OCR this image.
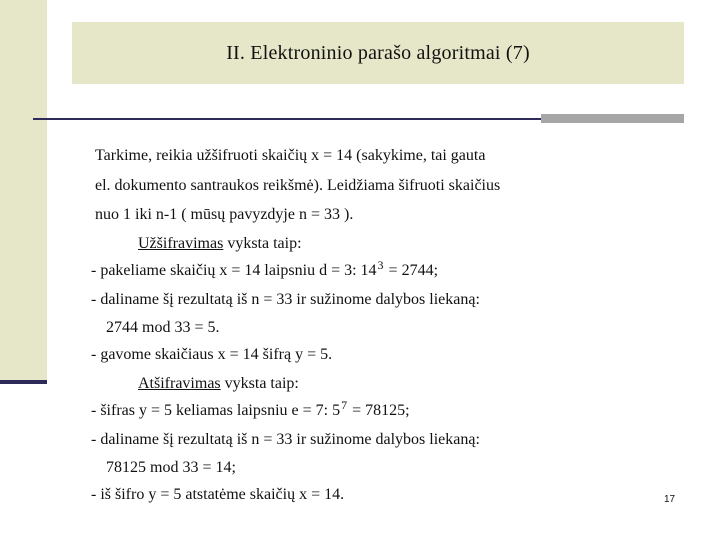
II. Elektroninio parašo algoritmai (7)
Tarkime, reikia užšifruoti skaičių x = 14 (sakykime, tai gauta
el. dokumento santraukos reikšmė). Leidžiama šifruoti skaičius
nuo 1 iki n-1 ( mūsų pavyzdyje n = 33 ).
Užšifravimas vyksta taip:
- pakeliame skaičių x = 14 laipsniu d = 3: $14^3 = 2744$;
- daliname šį rezultatą iš n = 33 ir sužinome dalybos liekaną:
2744 mod 33 = 5.
- gavome skaičiaus x = 14 šifrą y = 5.
Atšifravimas vyksta taip:
- šifras y = 5 keliamas laipsniu e = 7: $5^7 = 78125$;
- daliname šį rezultatą iš n = 33 ir sužinome dalybos liekaną:
78125 mod 33 = 14;
- iš šifro y = 5 atstatėme skaičių x = 14.	17
